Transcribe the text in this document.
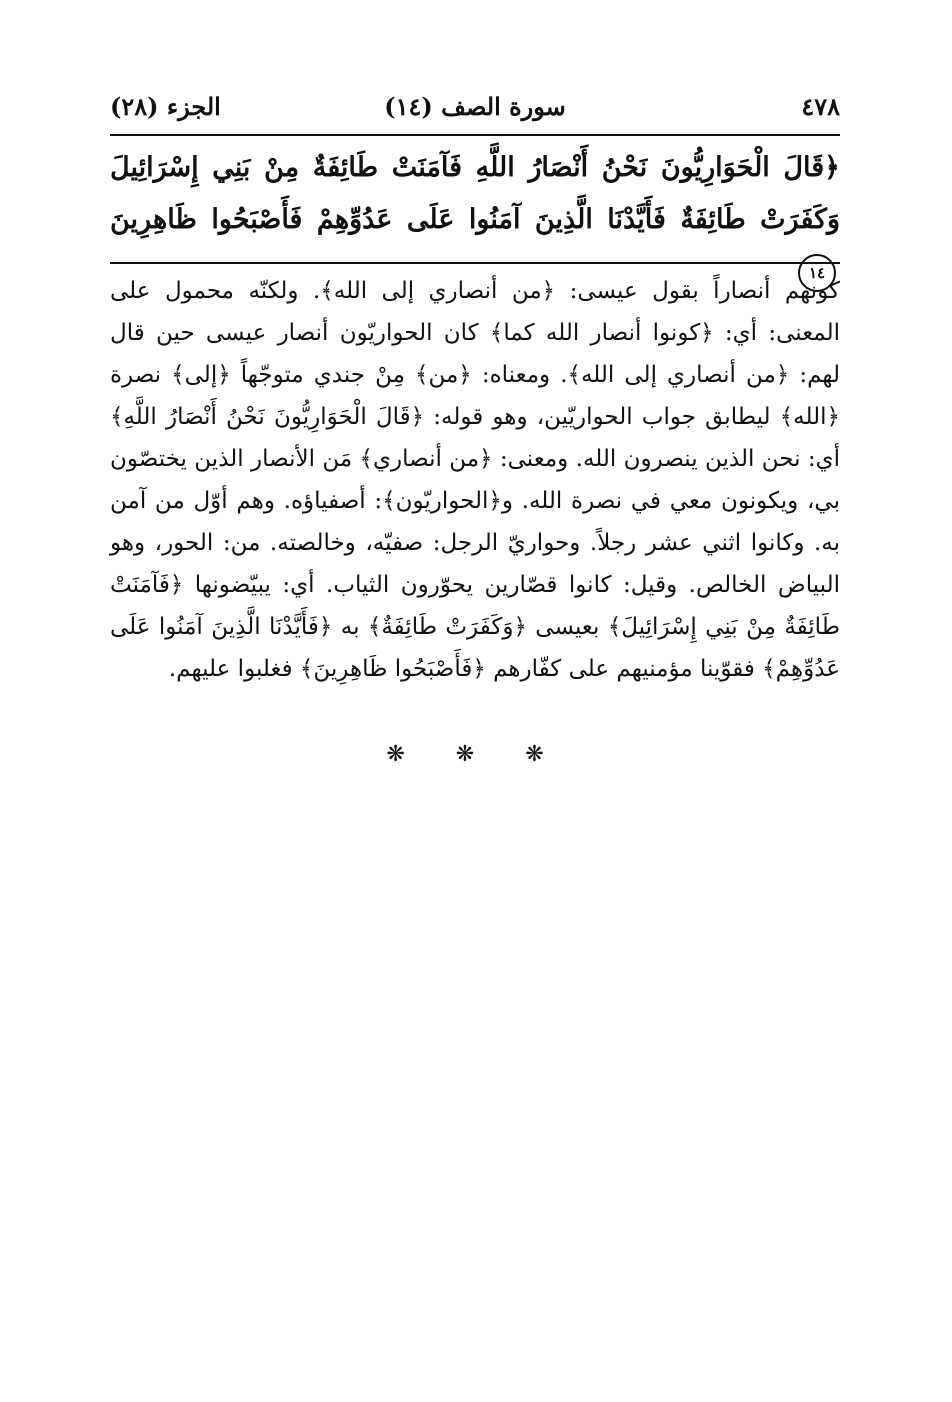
٤٧٨
سورة الصف (١٤)
الجزء (٢٨)

﴿قَالَ الْحَوَارِيُّونَ نَحْنُ أَنْصَارُ اللَّهِ فَآمَنَتْ طَائِفَةٌ مِنْ بَنِي إِسْرَائِيلَ وَكَفَرَتْ طَائِفَةٌ فَأَيَّدْنَا الَّذِينَ آمَنُوا عَلَى عَدُوِّهِمْ فَأَصْبَحُوا ظَاهِرِينَ١٤

كونهم أنصاراً بقول عيسى: ﴿من أنصاري إلى الله﴾. ولكنّه محمول على المعنى: أي: ﴿كونوا أنصار الله كما﴾ كان الحواريّون أنصار عيسى حين قال لهم: ﴿من أنصاري إلى الله﴾. ومعناه: ﴿من﴾ مِنْ جندي متوجّهاً ﴿إلى﴾ نصرة ﴿الله﴾ ليطابق جواب الحواريّين، وهو قوله: ﴿قَالَ الْحَوَارِيُّونَ نَحْنُ أَنْصَارُ اللَّهِ﴾ أي: نحن الذين ينصرون الله. ومعنى: ﴿من أنصاري﴾ مَن الأنصار الذين يختصّون بي، ويكونون معي في نصرة الله. و﴿الحواريّون﴾: أصفياؤه. وهم أوّل من آمن به. وكانوا اثني عشر رجلاً. وحواريّ الرجل: صفيّه، وخالصته. من: الحور، وهو البياض الخالص. وقيل: كانوا قصّارين يحوّرون الثياب. أي: يبيّضونها ﴿فَآمَنَتْ طَائِفَةٌ مِنْ بَنِي إِسْرَائِيلَ﴾ بعيسى ﴿وَكَفَرَتْ طَائِفَةٌ﴾ به ﴿فَأَيَّدْنَا الَّذِينَ آمَنُوا عَلَى عَدُوِّهِمْ﴾ فقوّينا مؤمنيهم على كفّارهم ﴿فَأَصْبَحُوا ظَاهِرِينَ﴾ فغلبوا عليهم.

❋ ❋ ❋
